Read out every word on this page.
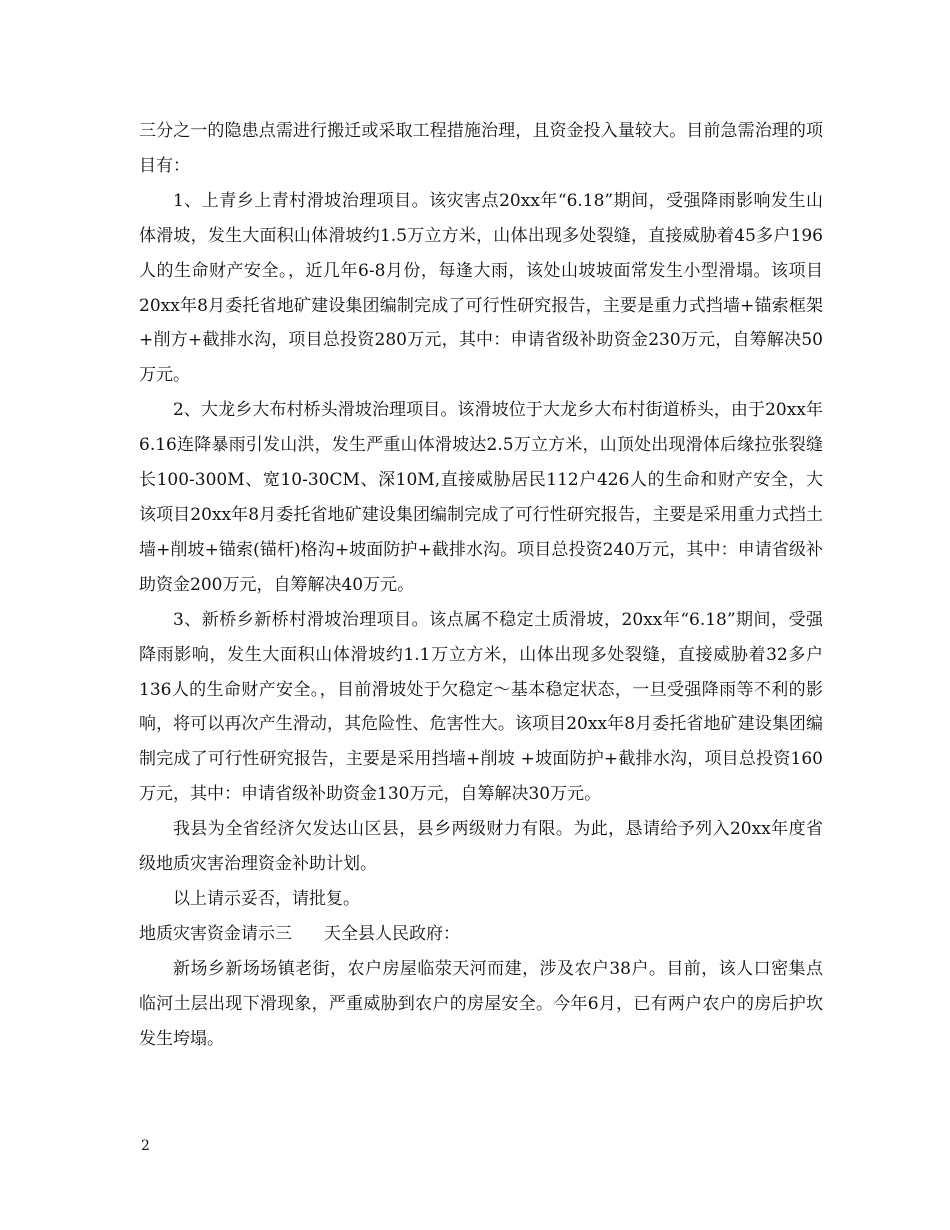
三分之一的隐患点需进行搬迁或采取工程措施治理，且资金投入量较大。目前急需治理的项目有：

1、上青乡上青村滑坡治理项目。该灾害点20xx年“6.18”期间，受强降雨影响发生山体滑坡，发生大面积山体滑坡约1.5万立方米，山体出现多处裂缝，直接威胁着45多户196人的生命财产安全。，近几年6-8月份，每逢大雨，该处山坡坡面常发生小型滑塌。该项目20xx年8月委托省地矿建设集团编制完成了可行性研究报告，主要是重力式挡墙+锚索框架+削方+截排水沟，项目总投资280万元，其中：申请省级补助资金230万元，自筹解决50万元。

2、大龙乡大布村桥头滑坡治理项目。该滑坡位于大龙乡大布村街道桥头，由于20xx年6.16连降暴雨引发山洪，发生严重山体滑坡达2.5万立方米，山顶处出现滑体后缘拉张裂缝长100-300M、宽10-30CM、深10M,直接威胁居民112户426人的生命和财产安全，大该项目20xx年8月委托省地矿建设集团编制完成了可行性研究报告，主要是采用重力式挡土墙+削坡+锚索(锚杆)格沟+坡面防护+截排水沟。项目总投资240万元，其中：申请省级补助资金200万元，自筹解决40万元。

3、新桥乡新桥村滑坡治理项目。该点属不稳定土质滑坡，20xx年“6.18”期间，受强降雨影响，发生大面积山体滑坡约1.1万立方米，山体出现多处裂缝，直接威胁着32多户136人的生命财产安全。，目前滑坡处于欠稳定～基本稳定状态，一旦受强降雨等不利的影响，将可以再次产生滑动，其危险性、危害性大。该项目20xx年8月委托省地矿建设集团编制完成了可行性研究报告，主要是采用挡墙+削坡 +坡面防护+截排水沟，项目总投资160万元，其中：申请省级补助资金130万元，自筹解决30万元。

我县为全省经济欠发达山区县，县乡两级财力有限。为此，恳请给予列入20xx年度省级地质灾害治理资金补助计划。

以上请示妥否，请批复。

地质灾害资金请示三 天全县人民政府：

新场乡新场场镇老街，农户房屋临荥天河而建，涉及农户38户。目前，该人口密集点临河土层出现下滑现象，严重威胁到农户的房屋安全。今年6月，已有两户农户的房后护坎发生垮塌。

2
